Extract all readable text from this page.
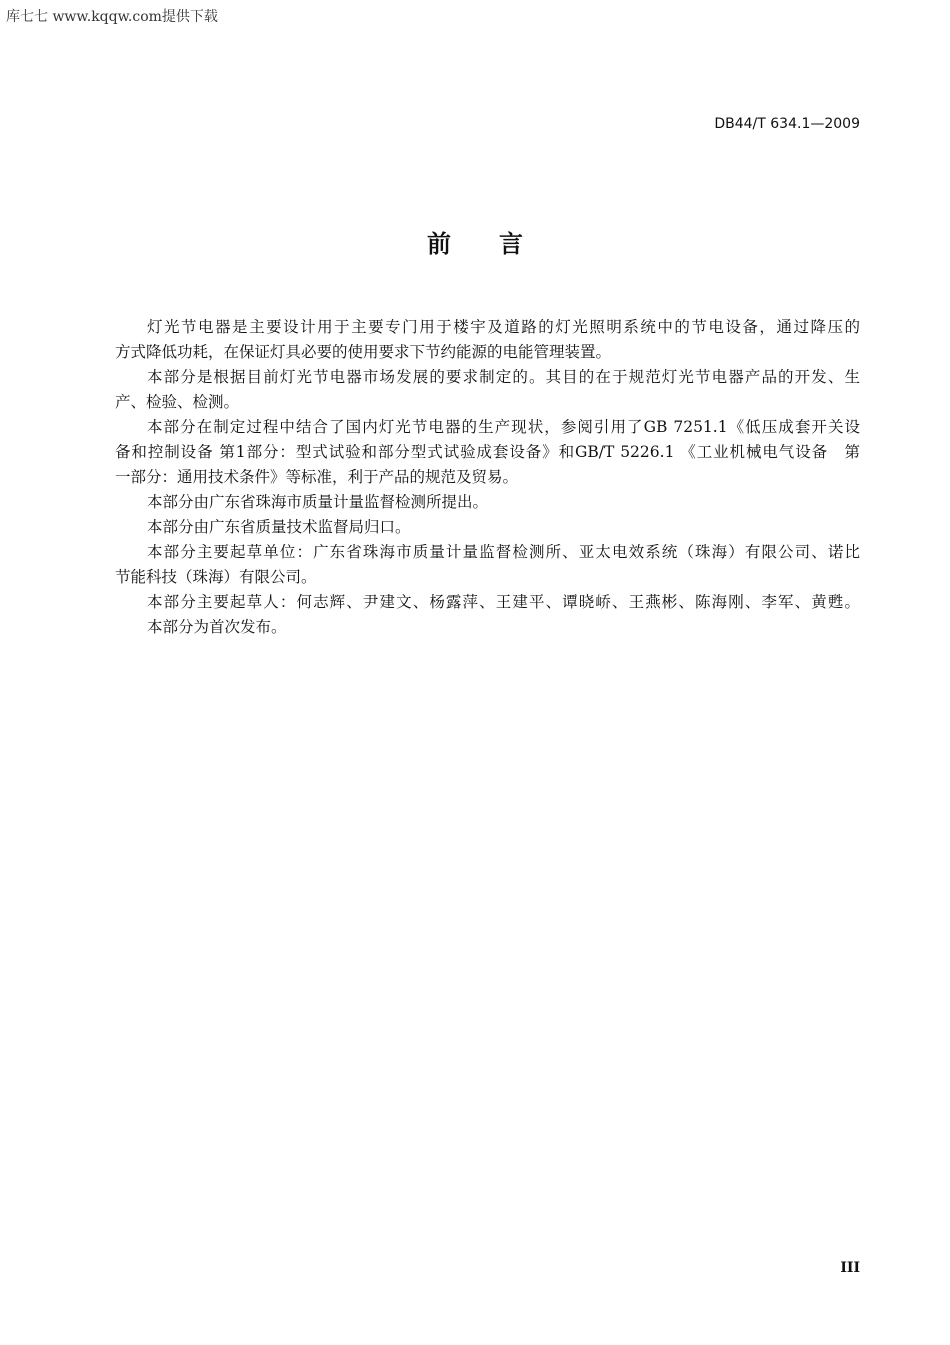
库七七 www.kqqw.com提供下载
DB44/T 634.1—2009
前言
灯光节电器是主要设计用于主要专门用于楼宇及道路的灯光照明系统中的节电设备，通过降压的
方式降低功耗，在保证灯具必要的使用要求下节约能源的电能管理装置。
本部分是根据目前灯光节电器市场发展的要求制定的。其目的在于规范灯光节电器产品的开发、生
产、检验、检测。
本部分在制定过程中结合了国内灯光节电器的生产现状，参阅引用了GB 7251.1《低压成套开关设
备和控制设备 第1部分：型式试验和部分型式试验成套设备》和GB/T 5226.1 《工业机械电气设备　第
一部分：通用技术条件》等标准，利于产品的规范及贸易。
本部分由广东省珠海市质量计量监督检测所提出。
本部分由广东省质量技术监督局归口。
本部分主要起草单位：广东省珠海市质量计量监督检测所、亚太电效系统（珠海）有限公司、诺比
节能科技（珠海）有限公司。
本部分主要起草人：何志辉、尹建文、杨露萍、王建平、谭晓峤、王燕彬、陈海刚、李军、黄甦。
本部分为首次发布。
III
